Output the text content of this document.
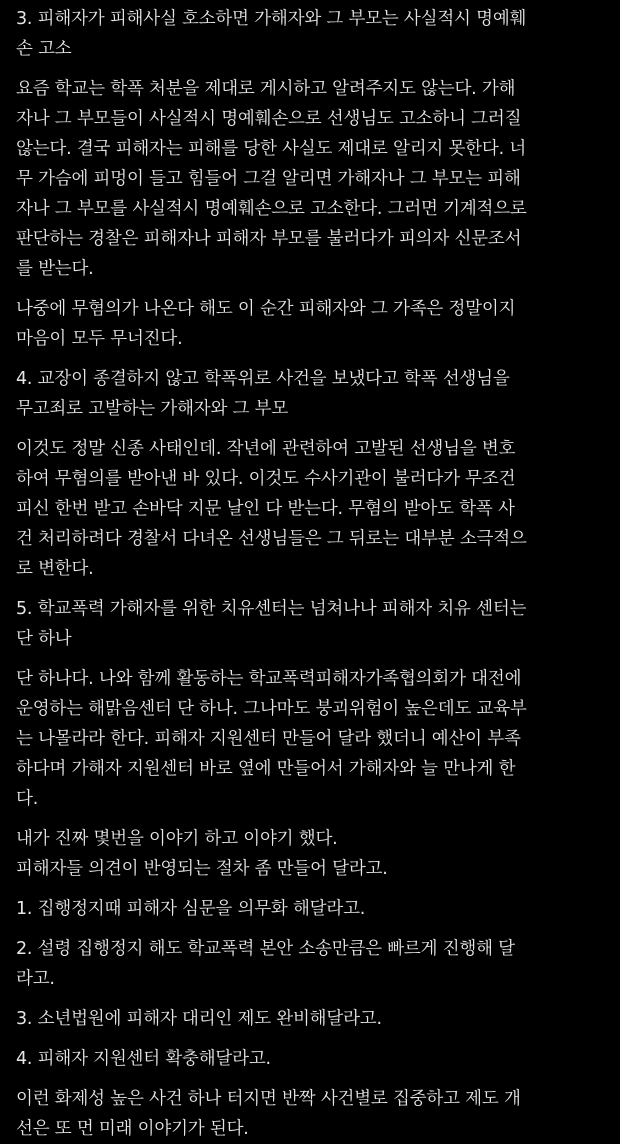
3. 피해자가 피해사실 호소하면 가해자와 그 부모는 사실적시 명예훼
손 고소
요즘 학교는 학폭 처분을 제대로 게시하고 알려주지도 않는다. 가해
자나 그 부모들이 사실적시 명예훼손으로 선생님도 고소하니 그러질
않는다. 결국 피해자는 피해를 당한 사실도 제대로 알리지 못한다. 너
무 가슴에 피멍이 들고 힘들어 그걸 알리면 가해자나 그 부모는 피해
자나 그 부모를 사실적시 명예훼손으로 고소한다. 그러면 기계적으로
판단하는 경찰은 피해자나 피해자 부모를 불러다가 피의자 신문조서
를 받는다.
나중에 무혐의가 나온다 해도 이 순간 피해자와 그 가족은 정말이지
마음이 모두 무너진다.
4. 교장이 종결하지 않고 학폭위로 사건을 보냈다고 학폭 선생님을
무고죄로 고발하는 가해자와 그 부모
이것도 정말 신종 사태인데. 작년에 관련하여 고발된 선생님을 변호
하여 무혐의를 받아낸 바 있다. 이것도 수사기관이 불러다가 무조건
피신 한번 받고 손바닥 지문 날인 다 받는다. 무혐의 받아도 학폭 사
건 처리하려다 경찰서 다녀온 선생님들은 그 뒤로는 대부분 소극적으
로 변한다.
5. 학교폭력 가해자를 위한 치유센터는 넘쳐나나 피해자 치유 센터는
단 하나
단 하나다. 나와 함께 활동하는 학교폭력피해자가족협의회가 대전에
운영하는 해맑음센터 단 하나. 그나마도 붕괴위험이 높은데도 교육부
는 나몰라라 한다. 피해자 지원센터 만들어 달라 했더니 예산이 부족
하다며 가해자 지원센터 바로 옆에 만들어서 가해자와 늘 만나게 한
다.
내가 진짜 몇번을 이야기 하고 이야기 했다.
피해자들 의견이 반영되는 절차 좀 만들어 달라고.
1. 집행정지때 피해자 심문을 의무화 해달라고.
2. 설령 집행정지 해도 학교폭력 본안 소송만큼은 빠르게 진행해 달
라고.
3. 소년법원에 피해자 대리인 제도 완비해달라고.
4. 피해자 지원센터 확충해달라고.
이런 화제성 높은 사건 하나 터지면 반짝 사건별로 집중하고 제도 개
선은 또 먼 미래 이야기가 된다.
